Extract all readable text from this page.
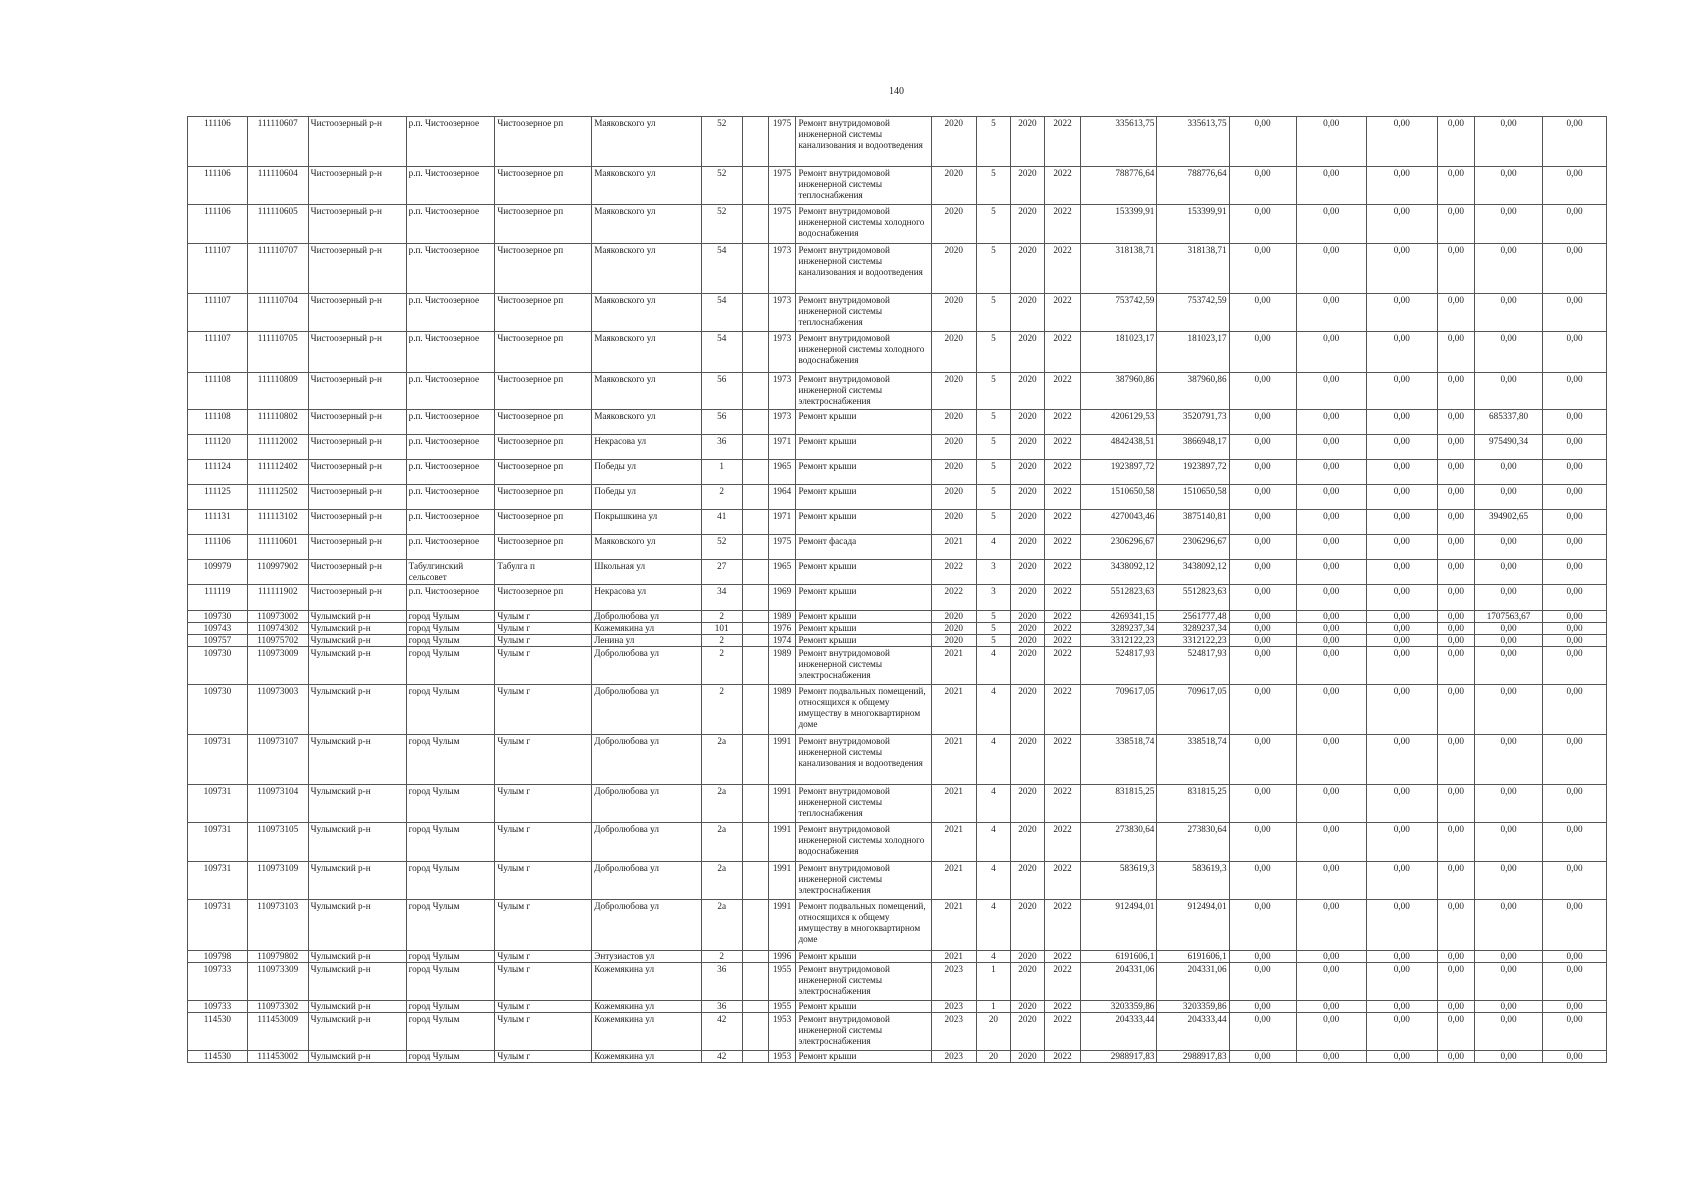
140
111106	111110607	Чистоозерный р-н	р.п. Чистоозерное	Чистоозерное рп	Маяковского ул	52		1975	Ремонт внутридомовой инженерной системы канализования и водоотведения	2020	5	2020	2022	335613,75	335613,75	0,00	0,00	0,00	0,00	0,00	0,00
111106	111110604	Чистоозерный р-н	р.п. Чистоозерное	Чистоозерное рп	Маяковского ул	52		1975	Ремонт внутридомовой инженерной системы теплоснабжения	2020	5	2020	2022	788776,64	788776,64	0,00	0,00	0,00	0,00	0,00	0,00
111106	111110605	Чистоозерный р-н	р.п. Чистоозерное	Чистоозерное рп	Маяковского ул	52		1975	Ремонт внутридомовой инженерной системы холодного водоснабжения	2020	5	2020	2022	153399,91	153399,91	0,00	0,00	0,00	0,00	0,00	0,00
111107	111110707	Чистоозерный р-н	р.п. Чистоозерное	Чистоозерное рп	Маяковского ул	54		1973	Ремонт внутридомовой инженерной системы канализования и водоотведения	2020	5	2020	2022	318138,71	318138,71	0,00	0,00	0,00	0,00	0,00	0,00
111107	111110704	Чистоозерный р-н	р.п. Чистоозерное	Чистоозерное рп	Маяковского ул	54		1973	Ремонт внутридомовой инженерной системы теплоснабжения	2020	5	2020	2022	753742,59	753742,59	0,00	0,00	0,00	0,00	0,00	0,00
111107	111110705	Чистоозерный р-н	р.п. Чистоозерное	Чистоозерное рп	Маяковского ул	54		1973	Ремонт внутридомовой инженерной системы холодного водоснабжения	2020	5	2020	2022	181023,17	181023,17	0,00	0,00	0,00	0,00	0,00	0,00
111108	111110809	Чистоозерный р-н	р.п. Чистоозерное	Чистоозерное рп	Маяковского ул	56		1973	Ремонт внутридомовой инженерной системы электроснабжения	2020	5	2020	2022	387960,86	387960,86	0,00	0,00	0,00	0,00	0,00	0,00
111108	111110802	Чистоозерный р-н	р.п. Чистоозерное	Чистоозерное рп	Маяковского ул	56		1973	Ремонт крыши	2020	5	2020	2022	4206129,53	3520791,73	0,00	0,00	0,00	0,00	685337,80	0,00
111120	111112002	Чистоозерный р-н	р.п. Чистоозерное	Чистоозерное рп	Некрасова ул	36		1971	Ремонт крыши	2020	5	2020	2022	4842438,51	3866948,17	0,00	0,00	0,00	0,00	975490,34	0,00
111124	111112402	Чистоозерный р-н	р.п. Чистоозерное	Чистоозерное рп	Победы ул	1		1965	Ремонт крыши	2020	5	2020	2022	1923897,72	1923897,72	0,00	0,00	0,00	0,00	0,00	0,00
111125	111112502	Чистоозерный р-н	р.п. Чистоозерное	Чистоозерное рп	Победы ул	2		1964	Ремонт крыши	2020	5	2020	2022	1510650,58	1510650,58	0,00	0,00	0,00	0,00	0,00	0,00
111131	111113102	Чистоозерный р-н	р.п. Чистоозерное	Чистоозерное рп	Покрышкина ул	41		1971	Ремонт крыши	2020	5	2020	2022	4270043,46	3875140,81	0,00	0,00	0,00	0,00	394902,65	0,00
111106	111110601	Чистоозерный р-н	р.п. Чистоозерное	Чистоозерное рп	Маяковского ул	52		1975	Ремонт фасада	2021	4	2020	2022	2306296,67	2306296,67	0,00	0,00	0,00	0,00	0,00	0,00
109979	110997902	Чистоозерный р-н	Табулгинский сельсовет	Табулга п	Школьная ул	27		1965	Ремонт крыши	2022	3	2020	2022	3438092,12	3438092,12	0,00	0,00	0,00	0,00	0,00	0,00
111119	111111902	Чистоозерный р-н	р.п. Чистоозерное	Чистоозерное рп	Некрасова ул	34		1969	Ремонт крыши	2022	3	2020	2022	5512823,63	5512823,63	0,00	0,00	0,00	0,00	0,00	0,00
109730	110973002	Чулымский р-н	город Чулым	Чулым г	Добролюбова ул	2		1989	Ремонт крыши	2020	5	2020	2022	4269341,15	2561777,48	0,00	0,00	0,00	0,00	1707563,67	0,00
109743	110974302	Чулымский р-н	город Чулым	Чулым г	Кожемякина ул	101		1976	Ремонт крыши	2020	5	2020	2022	3289237,34	3289237,34	0,00	0,00	0,00	0,00	0,00	0,00
109757	110975702	Чулымский р-н	город Чулым	Чулым г	Ленина ул	2		1974	Ремонт крыши	2020	5	2020	2022	3312122,23	3312122,23	0,00	0,00	0,00	0,00	0,00	0,00
109730	110973009	Чулымский р-н	город Чулым	Чулым г	Добролюбова ул	2		1989	Ремонт внутридомовой инженерной системы электроснабжения	2021	4	2020	2022	524817,93	524817,93	0,00	0,00	0,00	0,00	0,00	0,00
109730	110973003	Чулымский р-н	город Чулым	Чулым г	Добролюбова ул	2		1989	Ремонт подвальных помещений, относящихся к общему имуществу в многоквартирном доме	2021	4	2020	2022	709617,05	709617,05	0,00	0,00	0,00	0,00	0,00	0,00
109731	110973107	Чулымский р-н	город Чулым	Чулым г	Добролюбова ул	2а		1991	Ремонт внутридомовой инженерной системы канализования и водоотведения	2021	4	2020	2022	338518,74	338518,74	0,00	0,00	0,00	0,00	0,00	0,00
109731	110973104	Чулымский р-н	город Чулым	Чулым г	Добролюбова ул	2а		1991	Ремонт внутридомовой инженерной системы теплоснабжения	2021	4	2020	2022	831815,25	831815,25	0,00	0,00	0,00	0,00	0,00	0,00
109731	110973105	Чулымский р-н	город Чулым	Чулым г	Добролюбова ул	2а		1991	Ремонт внутридомовой инженерной системы холодного водоснабжения	2021	4	2020	2022	273830,64	273830,64	0,00	0,00	0,00	0,00	0,00	0,00
109731	110973109	Чулымский р-н	город Чулым	Чулым г	Добролюбова ул	2а		1991	Ремонт внутридомовой инженерной системы электроснабжения	2021	4	2020	2022	583619,3	583619,3	0,00	0,00	0,00	0,00	0,00	0,00
109731	110973103	Чулымский р-н	город Чулым	Чулым г	Добролюбова ул	2а		1991	Ремонт подвальных помещений, относящихся к общему имуществу в многоквартирном доме	2021	4	2020	2022	912494,01	912494,01	0,00	0,00	0,00	0,00	0,00	0,00
109798	110979802	Чулымский р-н	город Чулым	Чулым г	Энтузиастов ул	2		1996	Ремонт крыши	2021	4	2020	2022	6191606,1	6191606,1	0,00	0,00	0,00	0,00	0,00	0,00
109733	110973309	Чулымский р-н	город Чулым	Чулым г	Кожемякина ул	36		1955	Ремонт внутридомовой инженерной системы электроснабжения	2023	1	2020	2022	204331,06	204331,06	0,00	0,00	0,00	0,00	0,00	0,00
109733	110973302	Чулымский р-н	город Чулым	Чулым г	Кожемякина ул	36		1955	Ремонт крыши	2023	1	2020	2022	3203359,86	3203359,86	0,00	0,00	0,00	0,00	0,00	0,00
114530	111453009	Чулымский р-н	город Чулым	Чулым г	Кожемякина ул	42		1953	Ремонт внутридомовой инженерной системы электроснабжения	2023	20	2020	2022	204333,44	204333,44	0,00	0,00	0,00	0,00	0,00	0,00
114530	111453002	Чулымский р-н	город Чулым	Чулым г	Кожемякина ул	42		1953	Ремонт крыши	2023	20	2020	2022	2988917,83	2988917,83	0,00	0,00	0,00	0,00	0,00	0,00
